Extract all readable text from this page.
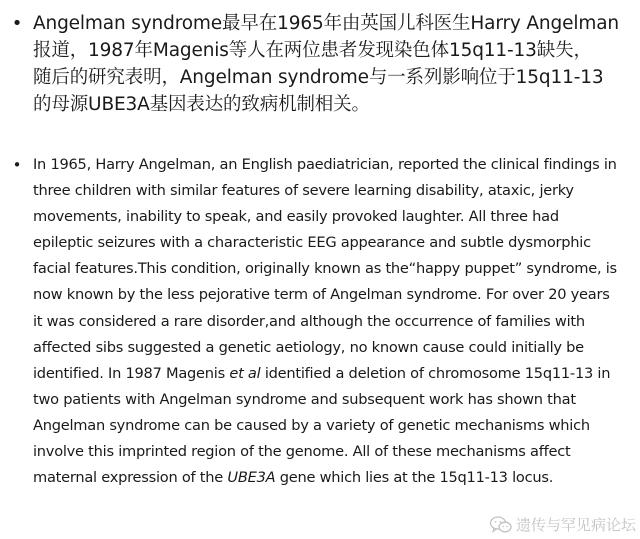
• Angelman syndrome最早在1965年由英国儿科医生Harry Angelman
报道，1987年Magenis等人在两位患者发现染色体15q11-13缺失，
随后的研究表明，Angelman syndrome与一系列影响位于15q11-13
的母源UBE3A基因表达的致病机制相关。

• In 1965, Harry Angelman, an English paediatrician, reported the clinical findings in
three children with similar features of severe learning disability, ataxic, jerky
movements, inability to speak, and easily provoked laughter. All three had
epileptic seizures with a characteristic EEG appearance and subtle dysmorphic
facial features.This condition, originally known as the“happy puppet” syndrome, is
now known by the less pejorative term of Angelman syndrome. For over 20 years
it was considered a rare disorder,and although the occurrence of families with
affected sibs suggested a genetic aetiology, no known cause could initially be
identified. In 1987 Magenis et al identified a deletion of chromosome 15q11-13 in
two patients with Angelman syndrome and subsequent work has shown that
Angelman syndrome can be caused by a variety of genetic mechanisms which
involve this imprinted region of the genome. All of these mechanisms affect
maternal expression of the UBE3A gene which lies at the 15q11-13 locus.

遗传与罕见病论坛
